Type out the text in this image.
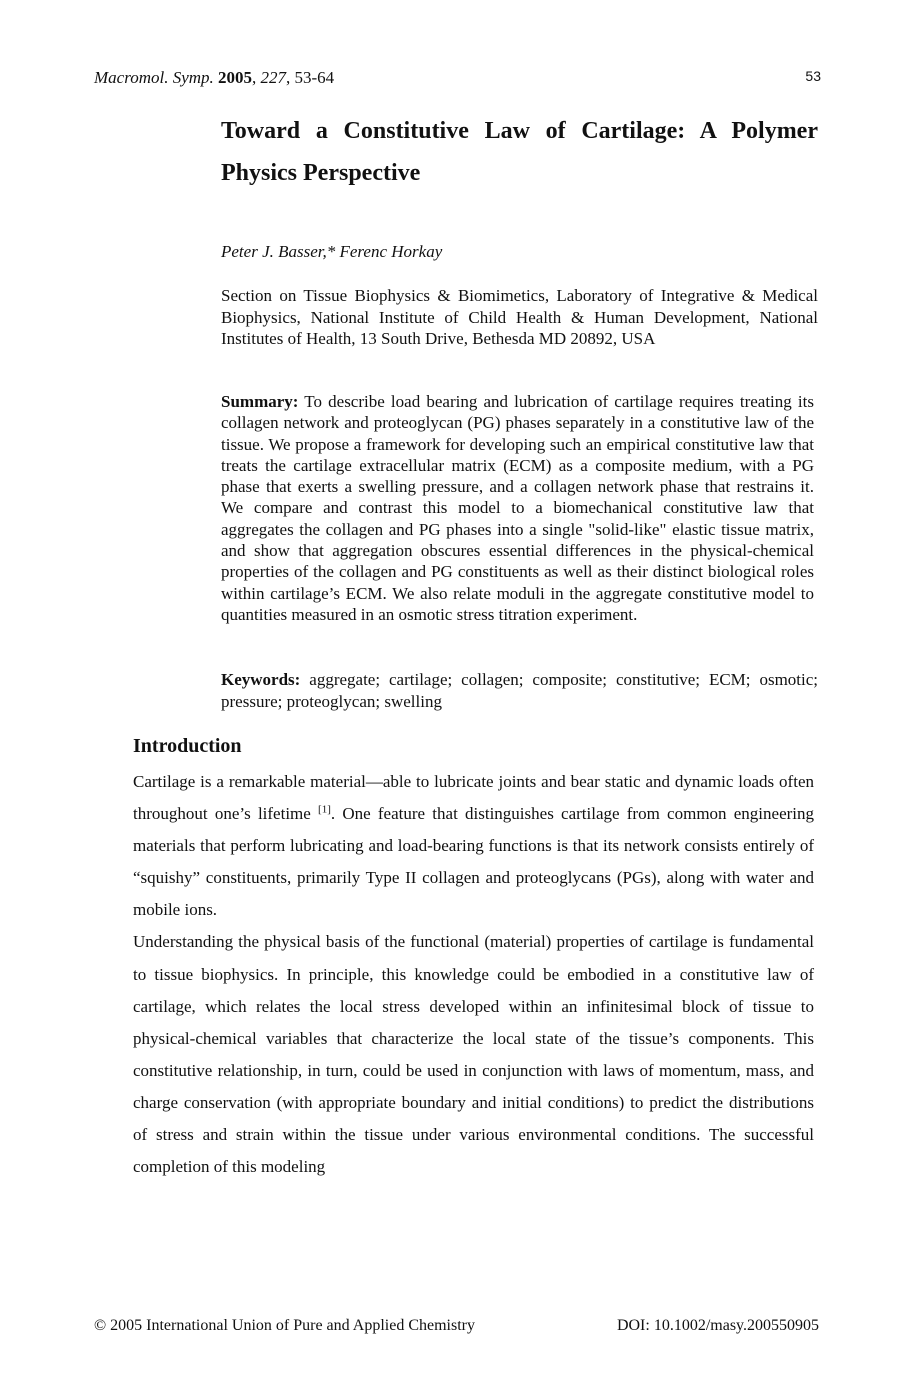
Macromol. Symp. 2005, 227, 53-64	53
Toward a Constitutive Law of Cartilage: A Polymer Physics Perspective
Peter J. Basser,* Ferenc Horkay
Section on Tissue Biophysics & Biomimetics, Laboratory of Integrative & Medical Biophysics, National Institute of Child Health & Human Development, National Institutes of Health, 13 South Drive, Bethesda MD 20892, USA
Summary: To describe load bearing and lubrication of cartilage requires treating its collagen network and proteoglycan (PG) phases separately in a constitutive law of the tissue. We propose a framework for developing such an empirical constitutive law that treats the cartilage extracellular matrix (ECM) as a composite medium, with a PG phase that exerts a swelling pressure, and a collagen network phase that restrains it. We compare and contrast this model to a biomechanical constitutive law that aggregates the collagen and PG phases into a single "solid-like" elastic tissue matrix, and show that aggregation obscures essential differences in the physical-chemical properties of the collagen and PG constituents as well as their distinct biological roles within cartilage’s ECM. We also relate moduli in the aggregate constitutive model to quantities measured in an osmotic stress titration experiment.
Keywords: aggregate; cartilage; collagen; composite; constitutive; ECM; osmotic; pressure; proteoglycan; swelling
Introduction

Cartilage is a remarkable material—able to lubricate joints and bear static and dynamic loads often throughout one’s lifetime [1]. One feature that distinguishes cartilage from common engineering materials that perform lubricating and load-bearing functions is that its network consists entirely of “squishy” constituents, primarily Type II collagen and proteoglycans (PGs), along with water and mobile ions.

Understanding the physical basis of the functional (material) properties of cartilage is fundamental to tissue biophysics. In principle, this knowledge could be embodied in a constitutive law of cartilage, which relates the local stress developed within an infinitesimal block of tissue to physical-chemical variables that characterize the local state of the tissue’s components. This constitutive relationship, in turn, could be used in conjunction with laws of momentum, mass, and charge conservation (with appropriate boundary and initial conditions) to predict the distributions of stress and strain within the tissue under various environmental conditions. The successful completion of this modeling

© 2005 International Union of Pure and Applied Chemistry	DOI: 10.1002/masy.200550905
